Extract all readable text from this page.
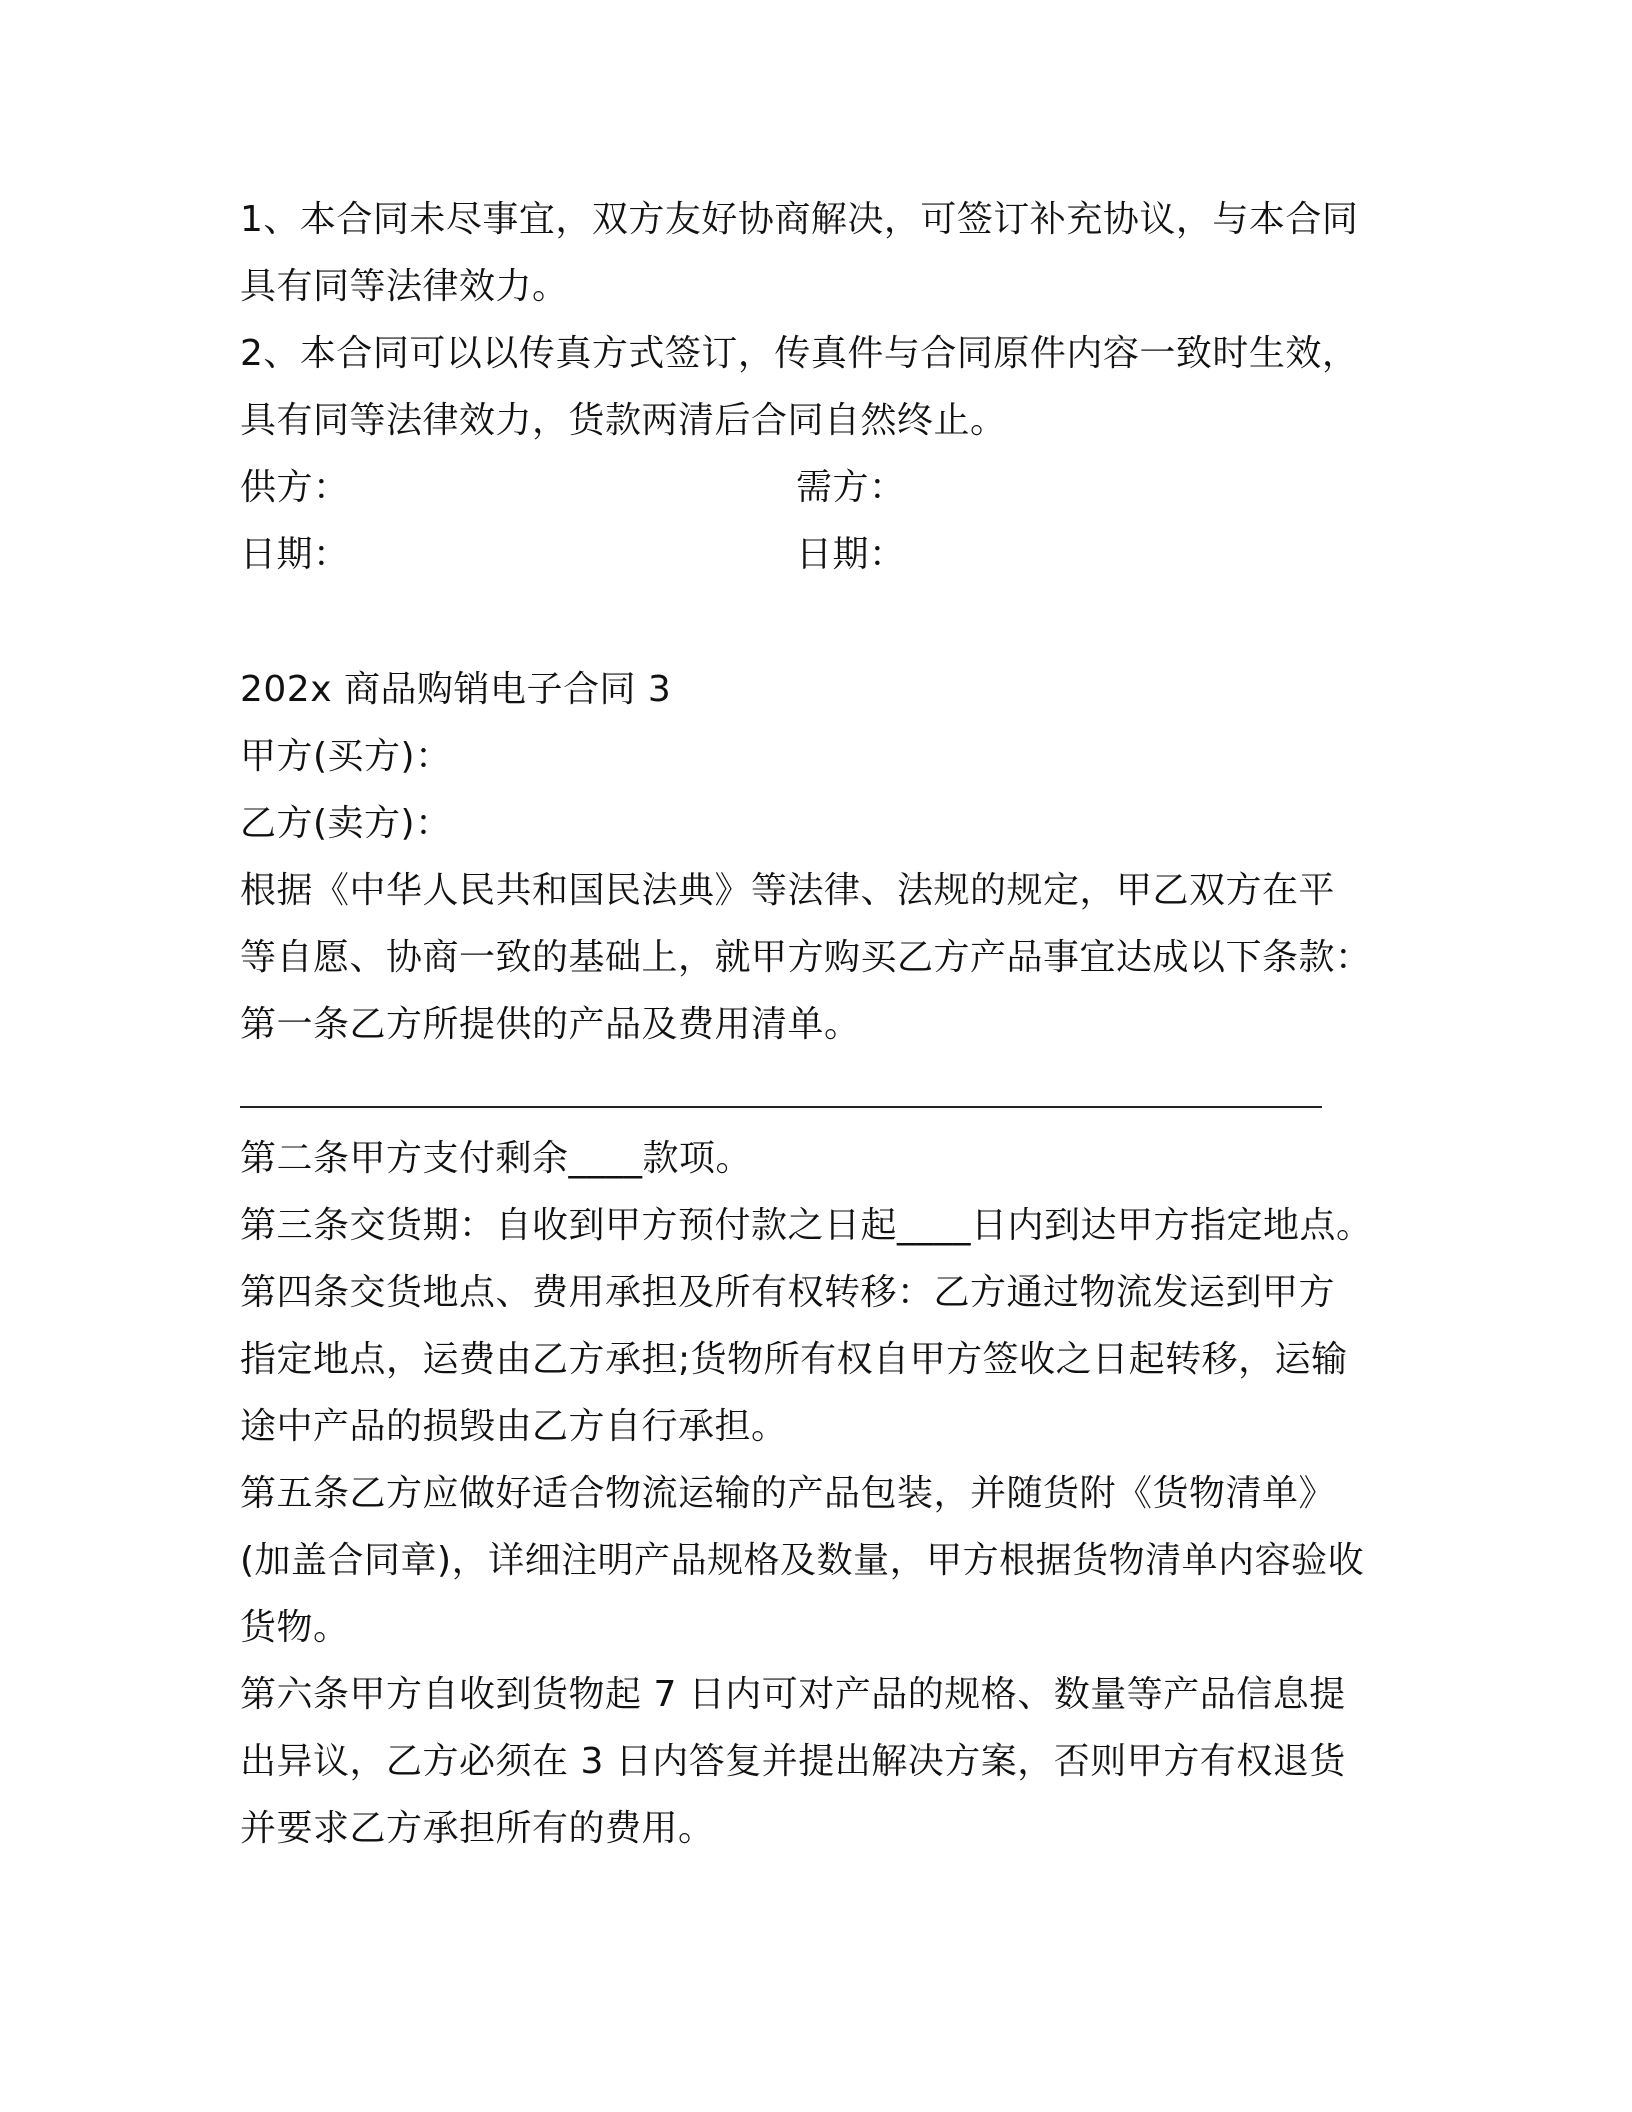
1、本合同未尽事宜，双方友好协商解决，可签订补充协议，与本合同
具有同等法律效力。
2、本合同可以以传真方式签订，传真件与合同原件内容一致时生效，
具有同等法律效力，货款两清后合同自然终止。
供方：	需方：
日期：	日期：
202x 商品购销电子合同 3
甲方(买方)：
乙方(卖方)：
根据《中华人民共和国民法典》等法律、法规的规定，甲乙双方在平
等自愿、协商一致的基础上，就甲方购买乙方产品事宜达成以下条款：
第一条乙方所提供的产品及费用清单。
第二条甲方支付剩余____款项。
第三条交货期：自收到甲方预付款之日起____日内到达甲方指定地点。
第四条交货地点、费用承担及所有权转移：乙方通过物流发运到甲方
指定地点，运费由乙方承担;货物所有权自甲方签收之日起转移，运输
途中产品的损毁由乙方自行承担。
第五条乙方应做好适合物流运输的产品包装，并随货附《货物清单》
(加盖合同章)，详细注明产品规格及数量，甲方根据货物清单内容验收
货物。
第六条甲方自收到货物起 7 日内可对产品的规格、数量等产品信息提
出异议，乙方必须在 3 日内答复并提出解决方案，否则甲方有权退货
并要求乙方承担所有的费用。
